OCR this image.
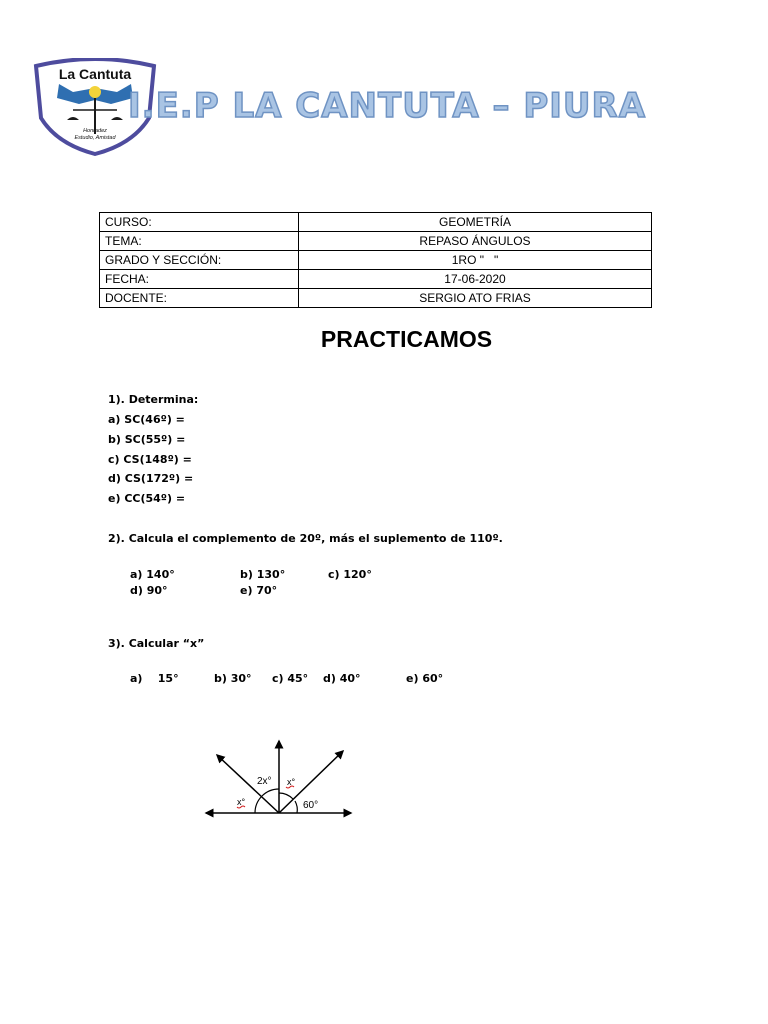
La Cantuta
Honradez
Estudio, Amistad
I.E.P LA CANTUTA – PIURA
CURSO:	GEOMETRÍA
TEMA:	REPASO ÁNGULOS
GRADO Y SECCIÓN:	1RO "   "
FECHA:	17-06-2020
DOCENTE:	SERGIO ATO FRIAS
PRACTICAMOS
1). Determina:
a) SC(46º) =
b) SC(55º) =
c) CS(148º) =
d) CS(172º) =
e) CC(54º) =
2). Calcula el complemento de 20º, más el suplemento de 110º.
a) 140°	b) 130°	c) 120°
d) 90°	e) 70°
3). Calcular “x”
a)    15°	b) 30° c) 45° d) 40°	e) 60°
2x° x°
x°	60°
